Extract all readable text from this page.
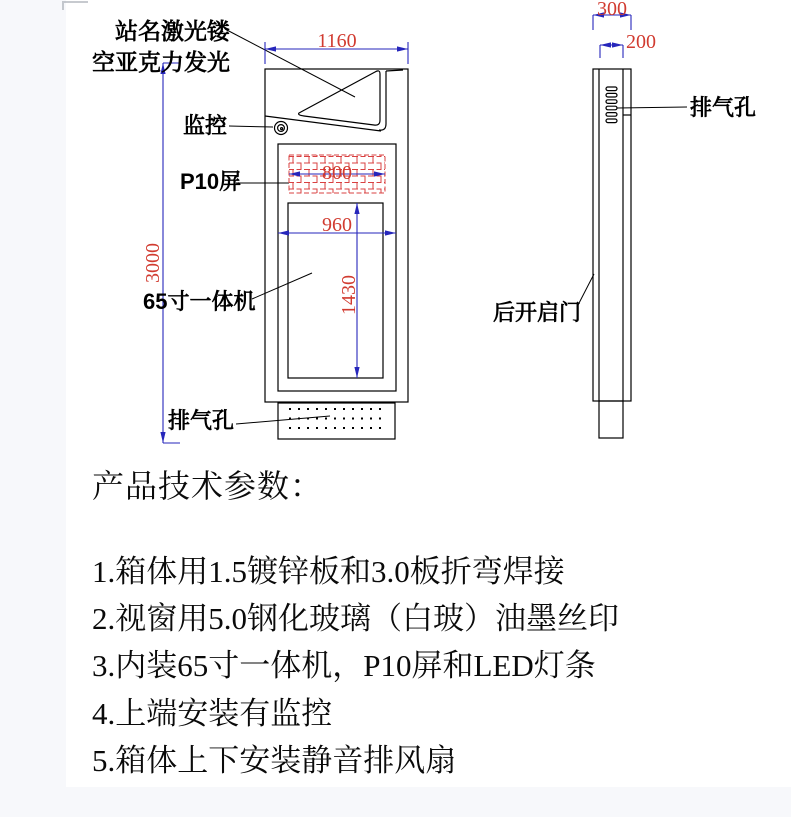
站名激光镂
空亚克力发光
监控
P10屏
65寸一体机
排气孔
排气孔
后开启门
1160
3000
800
960
1430
300
200
产品技术参数：
1.箱体用1.5镀锌板和3.0板折弯焊接
2.视窗用5.0钢化玻璃（白玻）油墨丝印
3.内装65寸一体机，P10屏和LED灯条
4.上端安装有监控
5.箱体上下安装静音排风扇
